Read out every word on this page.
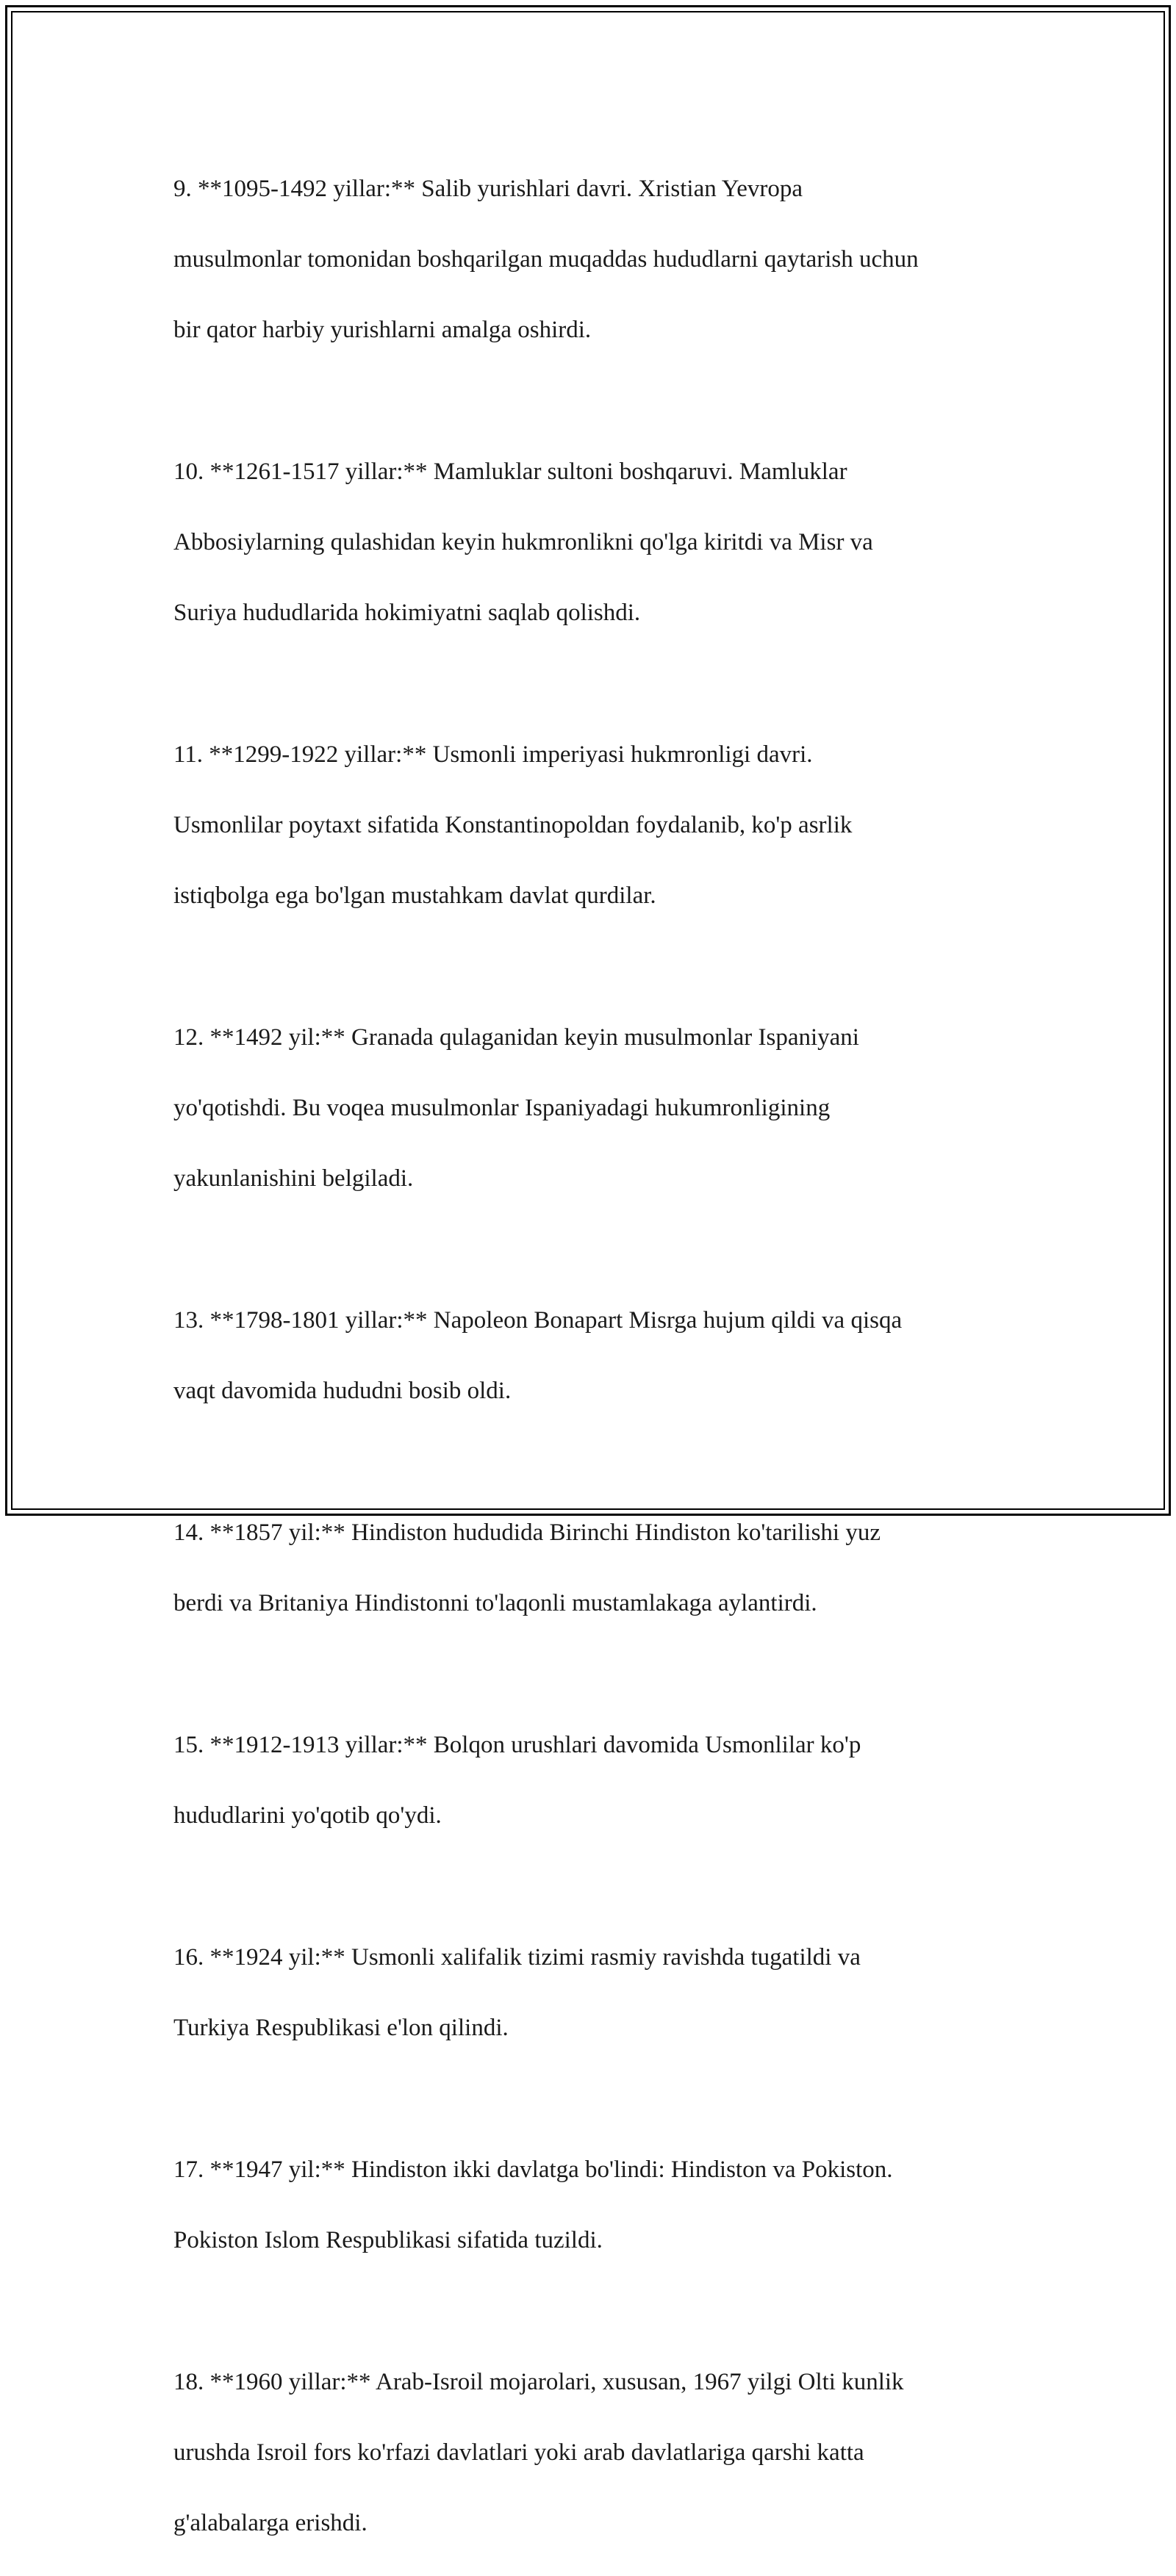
9. **1095-1492 yillar:** Salib yurishlari davri. Xristian Yevropa

musulmonlar tomonidan boshqarilgan muqaddas hududlarni qaytarish uchun

bir qator harbiy yurishlarni amalga oshirdi.

10. **1261-1517 yillar:** Mamluklar sultoni boshqaruvi. Mamluklar

Abbosiylarning qulashidan keyin hukmronlikni qo'lga kiritdi va Misr va

Suriya hududlarida hokimiyatni saqlab qolishdi.

11. **1299-1922 yillar:** Usmonli imperiyasi hukmronligi davri.

Usmonlilar poytaxt sifatida Konstantinopoldan foydalanib, ko'p asrlik

istiqbolga ega bo'lgan mustahkam davlat qurdilar.

12. **1492 yil:** Granada qulaganidan keyin musulmonlar Ispaniyani

yo'qotishdi. Bu voqea musulmonlar Ispaniyadagi hukumronligining

yakunlanishini belgiladi.

13. **1798-1801 yillar:** Napoleon Bonapart Misrga hujum qildi va qisqa

vaqt davomida hududni bosib oldi.

14. **1857 yil:** Hindiston hududida Birinchi Hindiston ko'tarilishi yuz

berdi va Britaniya Hindistonni to'laqonli mustamlakaga aylantirdi.

15. **1912-1913 yillar:** Bolqon urushlari davomida Usmonlilar ko'p

hududlarini yo'qotib qo'ydi.

16. **1924 yil:** Usmonli xalifalik tizimi rasmiy ravishda tugatildi va

Turkiya Respublikasi e'lon qilindi.

17. **1947 yil:** Hindiston ikki davlatga bo'lindi: Hindiston va Pokiston.

Pokiston Islom Respublikasi sifatida tuzildi.

18. **1960 yillar:** Arab-Isroil mojarolari, xususan, 1967 yilgi Olti kunlik

urushda Isroil fors ko'rfazi davlatlari yoki arab davlatlariga qarshi katta

g'alabalarga erishdi.
